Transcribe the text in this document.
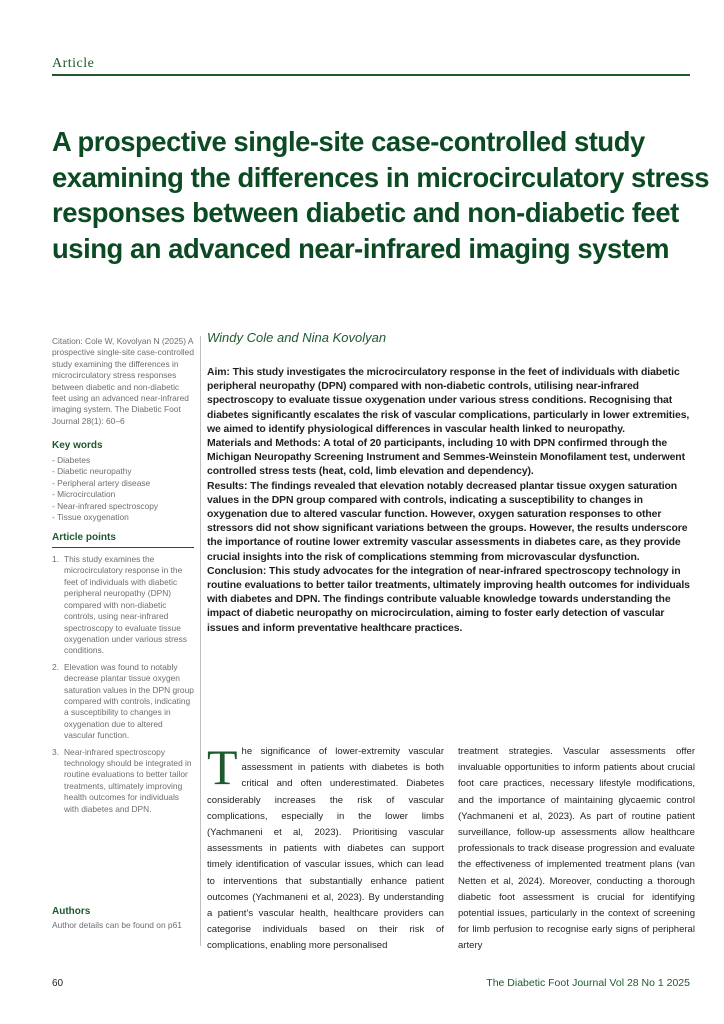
Article
A prospective single-site case-controlled study examining the differences in microcirculatory stress responses between diabetic and non-diabetic feet using an advanced near-infrared imaging system

Citation: Cole W, Kovolyan N (2025) A prospective single-site case-controlled study examining the differences in microcirculatory stress responses between diabetic and non-diabetic feet using an advanced near-infrared imaging system. The Diabetic Foot Journal 28(1): 60–6

Key words
- Diabetes
- Diabetic neuropathy
- Peripheral artery disease
- Microcirculation
- Near-infrared spectroscopy
- Tissue oxygenation
Article points
1. This study examines the microcirculatory response in the feet of individuals with diabetic peripheral neuropathy (DPN) compared with non-diabetic controls, using near-infrared spectroscopy to evaluate tissue oxygenation under various stress conditions.
2. Elevation was found to notably decrease plantar tissue oxygen saturation values in the DPN group compared with controls, indicating a susceptibility to changes in oxygenation due to altered vascular function.
3. Near-infrared spectroscopy technology should be integrated in routine evaluations to better tailor treatments, ultimately improving health outcomes for individuals with diabetes and DPN.
Authors

Author details can be found on p61

Windy Cole and Nina Kovolyan

Aim: This study investigates the microcirculatory response in the feet of individuals with diabetic peripheral neuropathy (DPN) compared with non-diabetic controls, utilising near-infrared spectroscopy to evaluate tissue oxygenation under various stress conditions. Recognising that diabetes significantly escalates the risk of vascular complications, particularly in lower extremities, we aimed to identify physiological differences in vascular health linked to neuropathy.

Materials and Methods: A total of 20 participants, including 10 with DPN confirmed through the Michigan Neuropathy Screening Instrument and Semmes-Weinstein Monofilament test, underwent controlled stress tests (heat, cold, limb elevation and dependency).

Results: The findings revealed that elevation notably decreased plantar tissue oxygen saturation values in the DPN group compared with controls, indicating a susceptibility to changes in oxygenation due to altered vascular function. However, oxygen saturation responses to other stressors did not show significant variations between the groups. However, the results underscore the importance of routine lower extremity vascular assessments in diabetes care, as they provide crucial insights into the risk of complications stemming from microvascular dysfunction.

Conclusion: This study advocates for the integration of near-infrared spectroscopy technology in routine evaluations to better tailor treatments, ultimately improving health outcomes for individuals with diabetes and DPN. The findings contribute valuable knowledge towards understanding the impact of diabetic neuropathy on microcirculation, aiming to foster early detection of vascular issues and inform preventative healthcare practices.

T he significance of lower-extremity vascular assessment in patients with diabetes is both critical and often underestimated. Diabetes considerably increases the risk of vascular complications, especially in the lower limbs (Yachmaneni et al, 2023). Prioritising vascular assessments in patients with diabetes can support timely identification of vascular issues, which can lead to interventions that substantially enhance patient outcomes (Yachmaneni et al, 2023). By understanding a patient’s vascular health, healthcare providers can categorise individuals based on their risk of complications, enabling more personalised
treatment strategies. Vascular assessments offer invaluable opportunities to inform patients about crucial foot care practices, necessary lifestyle modifications, and the importance of maintaining glycaemic control (Yachmaneni et al, 2023). As part of routine patient surveillance, follow-up assessments allow healthcare professionals to track disease progression and evaluate the effectiveness of implemented treatment plans (van Netten et al, 2024). Moreover, conducting a thorough diabetic foot assessment is crucial for identifying potential issues, particularly in the context of screening for limb perfusion to recognise early signs of peripheral artery
60	The Diabetic Foot Journal Vol 28 No 1 2025
